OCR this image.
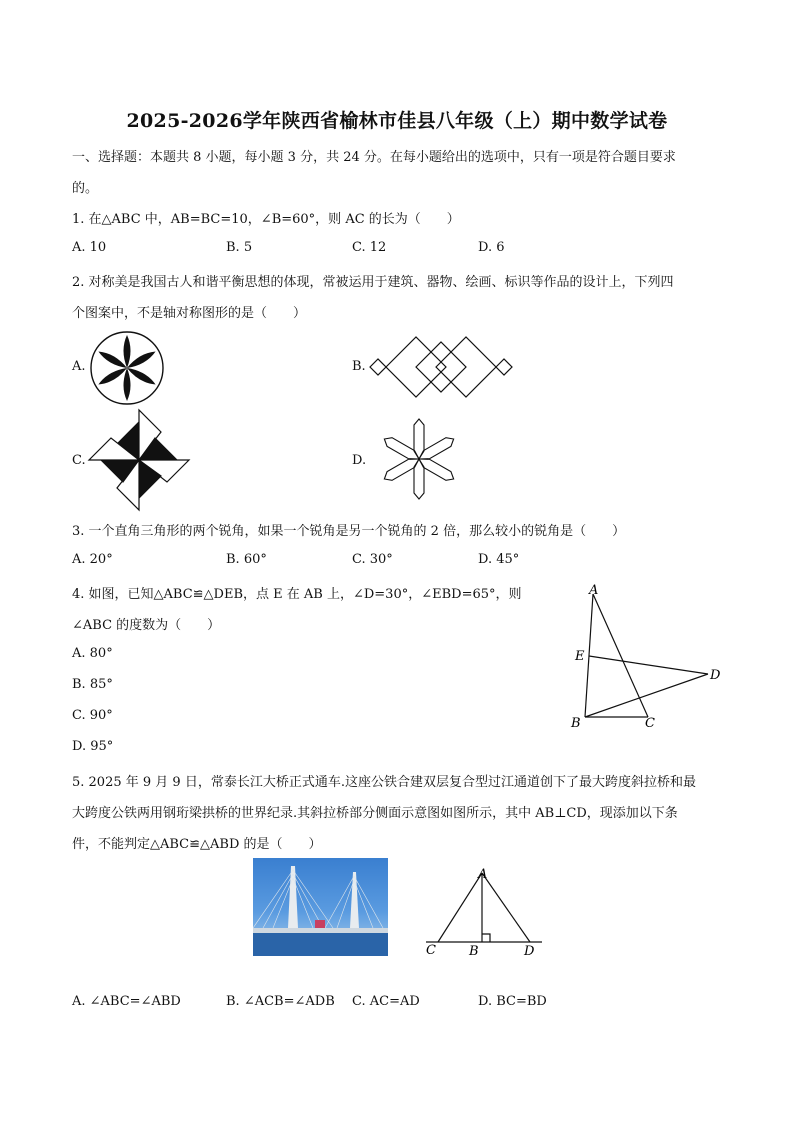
2025-2026学年陕西省榆林市佳县八年级（上）期中数学试卷
一、选择题：本题共 8 小题，每小题 3 分，共 24 分。在每小题给出的选项中，只有一项是符合题目要求
的。
1. 在△ABC 中，AB=BC=10，∠B=60°，则 AC 的长为（　　）
A. 10	B. 5	C. 12	D. 6
2. 对称美是我国古人和谐平衡思想的体现，常被运用于建筑、器物、绘画、标识等作品的设计上，下列四
个图案中，不是轴对称图形的是（　　）
A.	B.
C.	D.
3. 一个直角三角形的两个锐角，如果一个锐角是另一个锐角的 2 倍，那么较小的锐角是（　　）
A. 20°	B. 60°	C. 30°	D. 45°
4. 如图，已知△ABC≌△DEB，点 E 在 AB 上，∠D=30°，∠EBD=65°，则
∠ABC 的度数为（　　）
A. 80°
B. 85°
C. 90°
D. 95°
A
E
D
B	C
5. 2025 年 9 月 9 日，常泰长江大桥正式通车.这座公铁合建双层复合型过江通道创下了最大跨度斜拉桥和最
大跨度公铁两用钢珩梁拱桥的世界纪录.其斜拉桥部分侧面示意图如图所示，其中 AB⊥CD，现添加以下条
件，不能判定△ABC≌△ABD 的是（　　）
A
C	B	D
A. ∠ABC=∠ABD	B. ∠ACB=∠ADB C. AC=AD	D. BC=BD
